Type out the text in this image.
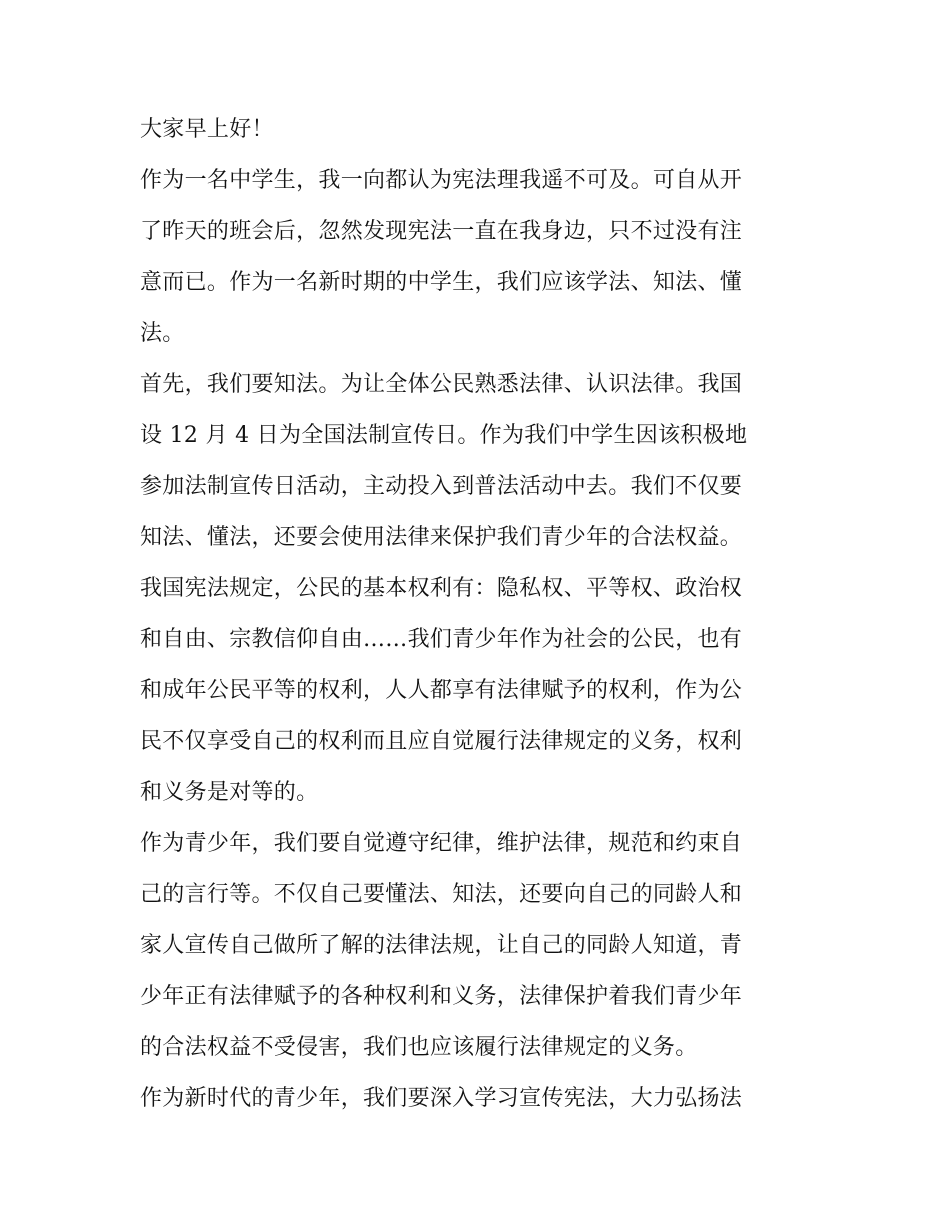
大家早上好！
作为一名中学生，我一向都认为宪法理我遥不可及。可自从开
了昨天的班会后，忽然发现宪法一直在我身边，只不过没有注
意而已。作为一名新时期的中学生，我们应该学法、知法、懂
法。
首先，我们要知法。为让全体公民熟悉法律、认识法律。我国
设 12 月 4 日为全国法制宣传日。作为我们中学生因该积极地
参加法制宣传日活动，主动投入到普法活动中去。我们不仅要
知法、懂法，还要会使用法律来保护我们青少年的合法权益。
我国宪法规定，公民的基本权利有：隐私权、平等权、政治权
和自由、宗教信仰自由……我们青少年作为社会的公民，也有
和成年公民平等的权利，人人都享有法律赋予的权利，作为公
民不仅享受自己的权利而且应自觉履行法律规定的义务，权利
和义务是对等的。
作为青少年，我们要自觉遵守纪律，维护法律，规范和约束自
己的言行等。不仅自己要懂法、知法，还要向自己的同龄人和
家人宣传自己做所了解的法律法规，让自己的同龄人知道，青
少年正有法律赋予的各种权利和义务，法律保护着我们青少年
的合法权益不受侵害，我们也应该履行法律规定的义务。
作为新时代的青少年，我们要深入学习宣传宪法，大力弘扬法
